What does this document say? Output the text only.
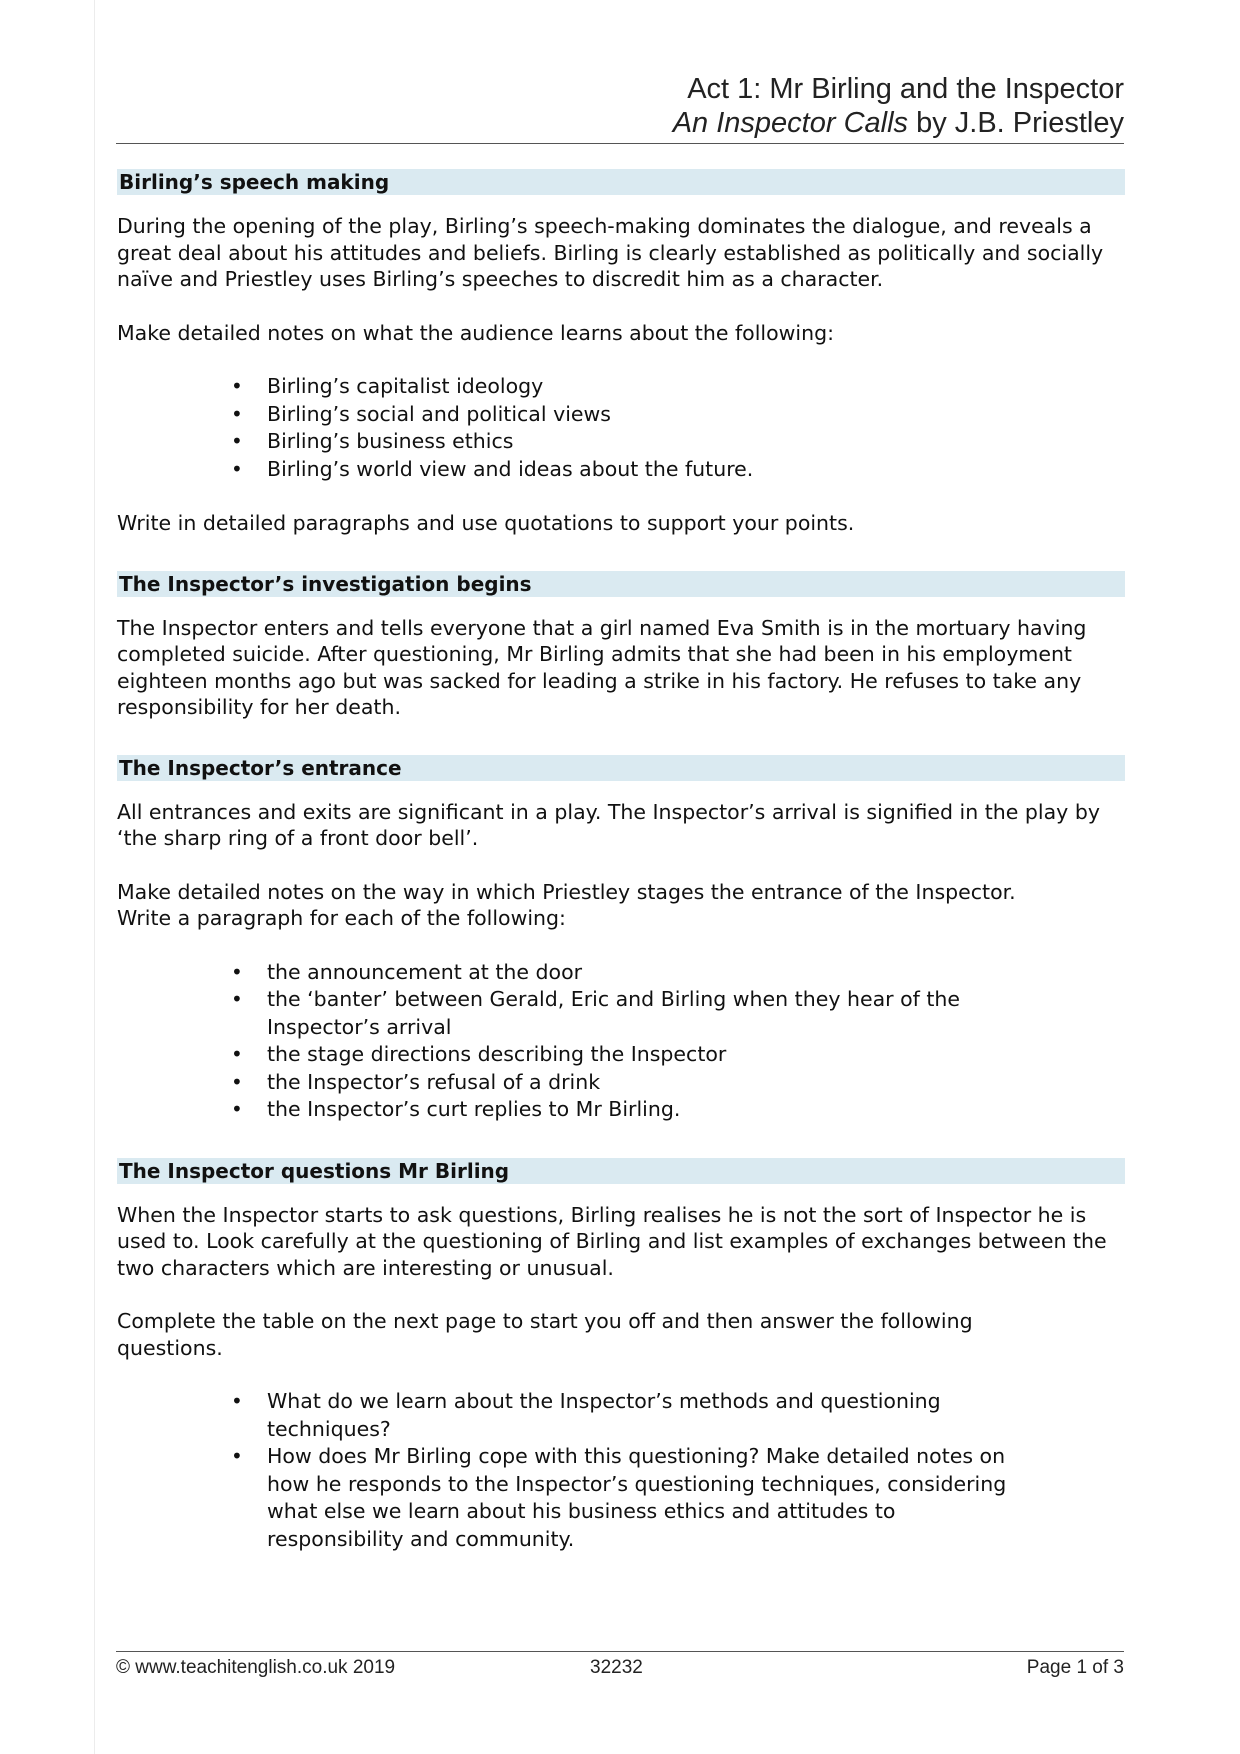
Act 1: Mr Birling and the Inspector
An Inspector Calls by J.B. Priestley
Birling’s speech making

During the opening of the play, Birling’s speech-making dominates the dialogue, and reveals a great deal about his attitudes and beliefs. Birling is clearly established as politically and socially naïve and Priestley uses Birling’s speeches to discredit him as a character.

Make detailed notes on what the audience learns about the following:

• Birling’s capitalist ideology
• Birling’s social and political views
• Birling’s business ethics
• Birling’s world view and ideas about the future.

Write in detailed paragraphs and use quotations to support your points.

The Inspector’s investigation begins

The Inspector enters and tells everyone that a girl named Eva Smith is in the mortuary having completed suicide. After questioning, Mr Birling admits that she had been in his employment eighteen months ago but was sacked for leading a strike in his factory. He refuses to take any responsibility for her death.

The Inspector’s entrance

All entrances and exits are significant in a play. The Inspector’s arrival is signified in the play by ‘the sharp ring of a front door bell’.

Make detailed notes on the way in which Priestley stages the entrance of the Inspector.

Write a paragraph for each of the following:

• the announcement at the door
• the ‘banter’ between Gerald, Eric and Birling when they hear of the Inspector’s arrival
• the stage directions describing the Inspector
• the Inspector’s refusal of a drink
• the Inspector’s curt replies to Mr Birling.
The Inspector questions Mr Birling

When the Inspector starts to ask questions, Birling realises he is not the sort of Inspector he is used to. Look carefully at the questioning of Birling and list examples of exchanges between the two characters which are interesting or unusual.

Complete the table on the next page to start you off and then answer the following questions.

• What do we learn about the Inspector’s methods and questioning techniques?
• How does Mr Birling cope with this questioning? Make detailed notes on how he responds to the Inspector’s questioning techniques, considering what else we learn about his business ethics and attitudes to responsibility and community.
© www.teachitenglish.co.uk 2019	32232	Page 1 of 3
